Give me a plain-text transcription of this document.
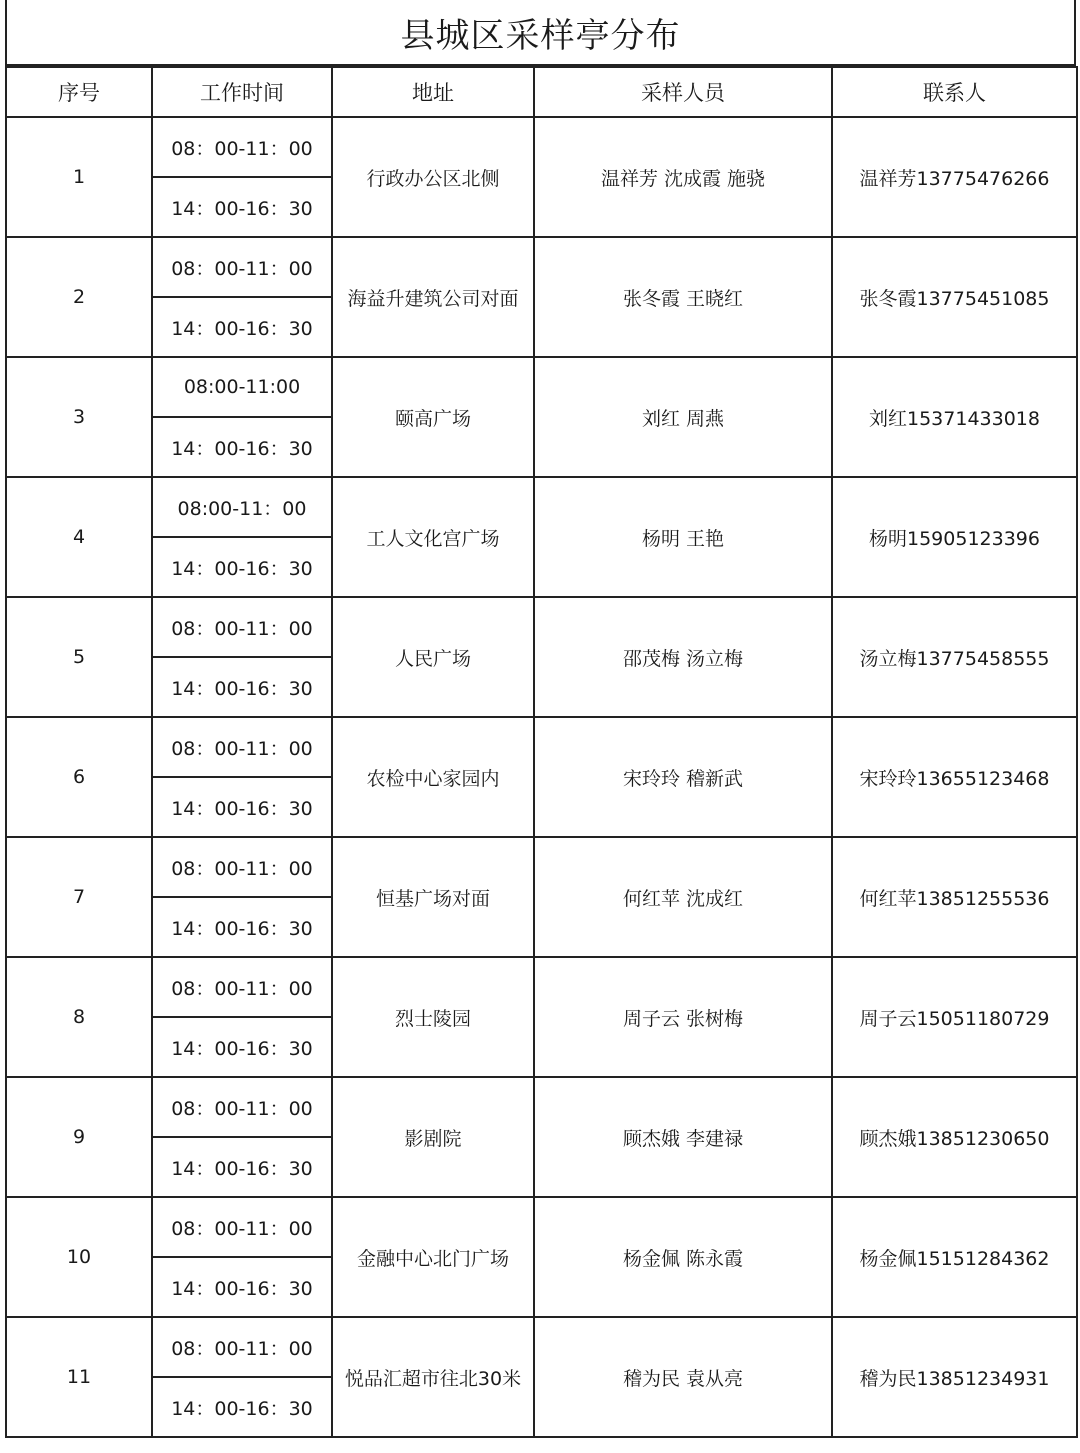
县城区采样亭分布
序号	工作时间	地址	采样人员	联系人
1	08：00-11：00	行政办公区北侧	温祥芳 沈成霞 施骁	温祥芳13775476266
	14：00-16：30			
2	08：00-11：00	海益升建筑公司对面	张冬霞 王晓红	张冬霞13775451085
	14：00-16：30			
3	08:00-11:00	颐高广场	刘红 周燕	刘红15371433018
	14：00-16：30			
4	08:00-11：00	工人文化宫广场	杨明 王艳	杨明15905123396
	14：00-16：30			
5	08：00-11：00	人民广场	邵茂梅 汤立梅	汤立梅13775458555
	14：00-16：30			
6	08：00-11：00	农检中心家园内	宋玲玲 稽新武	宋玲玲13655123468
	14：00-16：30			
7	08：00-11：00	恒基广场对面	何红苹 沈成红	何红苹13851255536
	14：00-16：30			
8	08：00-11：00	烈士陵园	周子云 张树梅	周子云15051180729
	14：00-16：30			
9	08：00-11：00	影剧院	顾杰娥 李建禄	顾杰娥13851230650
	14：00-16：30			
10	08：00-11：00	金融中心北门广场	杨金佩 陈永霞	杨金佩15151284362
	14：00-16：30			
11	08：00-11：00	悦品汇超市往北30米	稽为民 袁从亮	稽为民13851234931
	14：00-16：30			
